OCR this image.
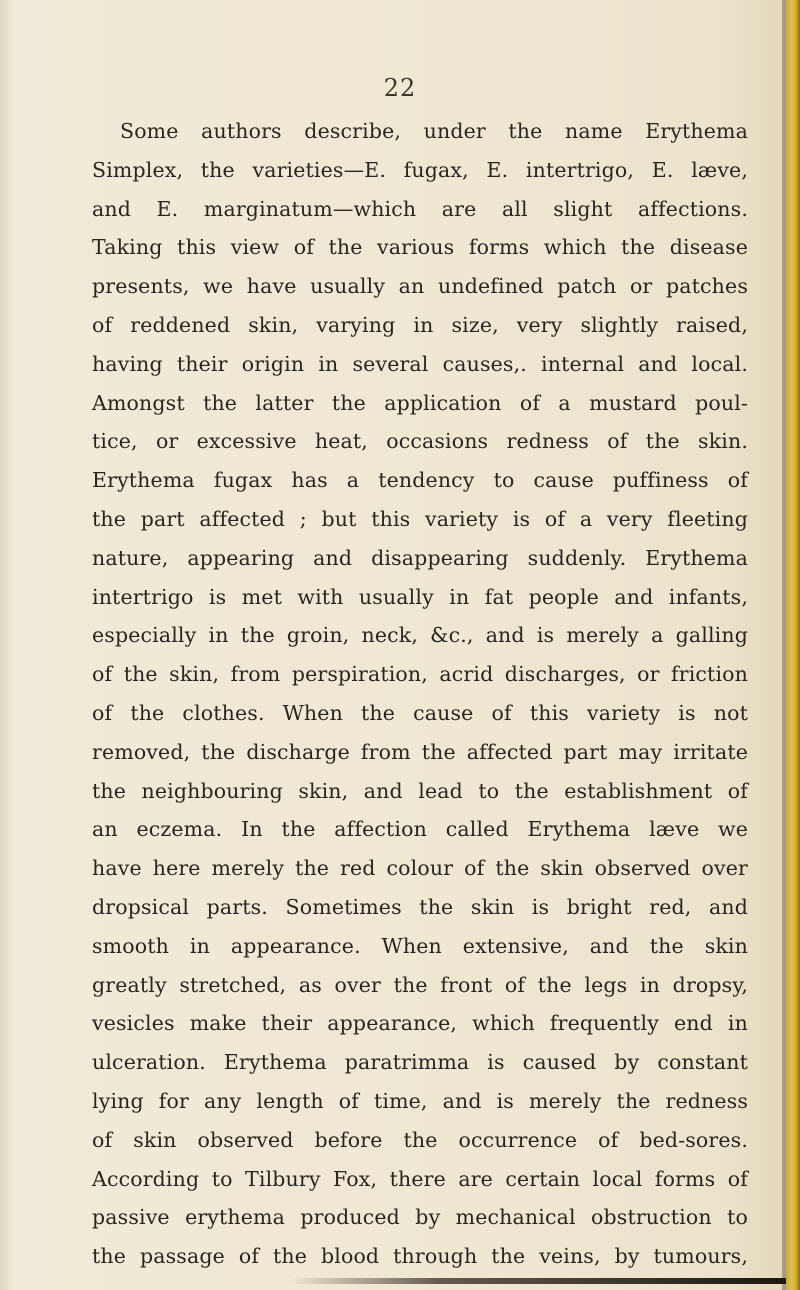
22
Some authors describe, under the name Erythema
Simplex, the varieties—E. fugax, E. intertrigo, E. læve,
and E. marginatum—which are all slight affections.
Taking this view of the various forms which the disease
presents, we have usually an undefined patch or patches
of reddened skin, varying in size, very slightly raised,
having their origin in several causes,. internal and local.
Amongst the latter the application of a mustard poul-
tice, or excessive heat, occasions redness of the skin.
Erythema fugax has a tendency to cause puffiness of
the part affected ; but this variety is of a very fleeting
nature, appearing and disappearing suddenly. Erythema
intertrigo is met with usually in fat people and infants,
especially in the groin, neck, &c., and is merely a galling
of the skin, from perspiration, acrid discharges, or friction
of the clothes. When the cause of this variety is not
removed, the discharge from the affected part may irritate
the neighbouring skin, and lead to the establishment of
an eczema. In the affection called Erythema læve we
have here merely the red colour of the skin observed over
dropsical parts. Sometimes the skin is bright red, and
smooth in appearance. When extensive, and the skin
greatly stretched, as over the front of the legs in dropsy,
vesicles make their appearance, which frequently end in
ulceration. Erythema paratrimma is caused by constant
lying for any length of time, and is merely the redness
of skin observed before the occurrence of bed-sores.
According to Tilbury Fox, there are certain local forms of
passive erythema produced by mechanical obstruction to
the passage of the blood through the veins, by tumours,
